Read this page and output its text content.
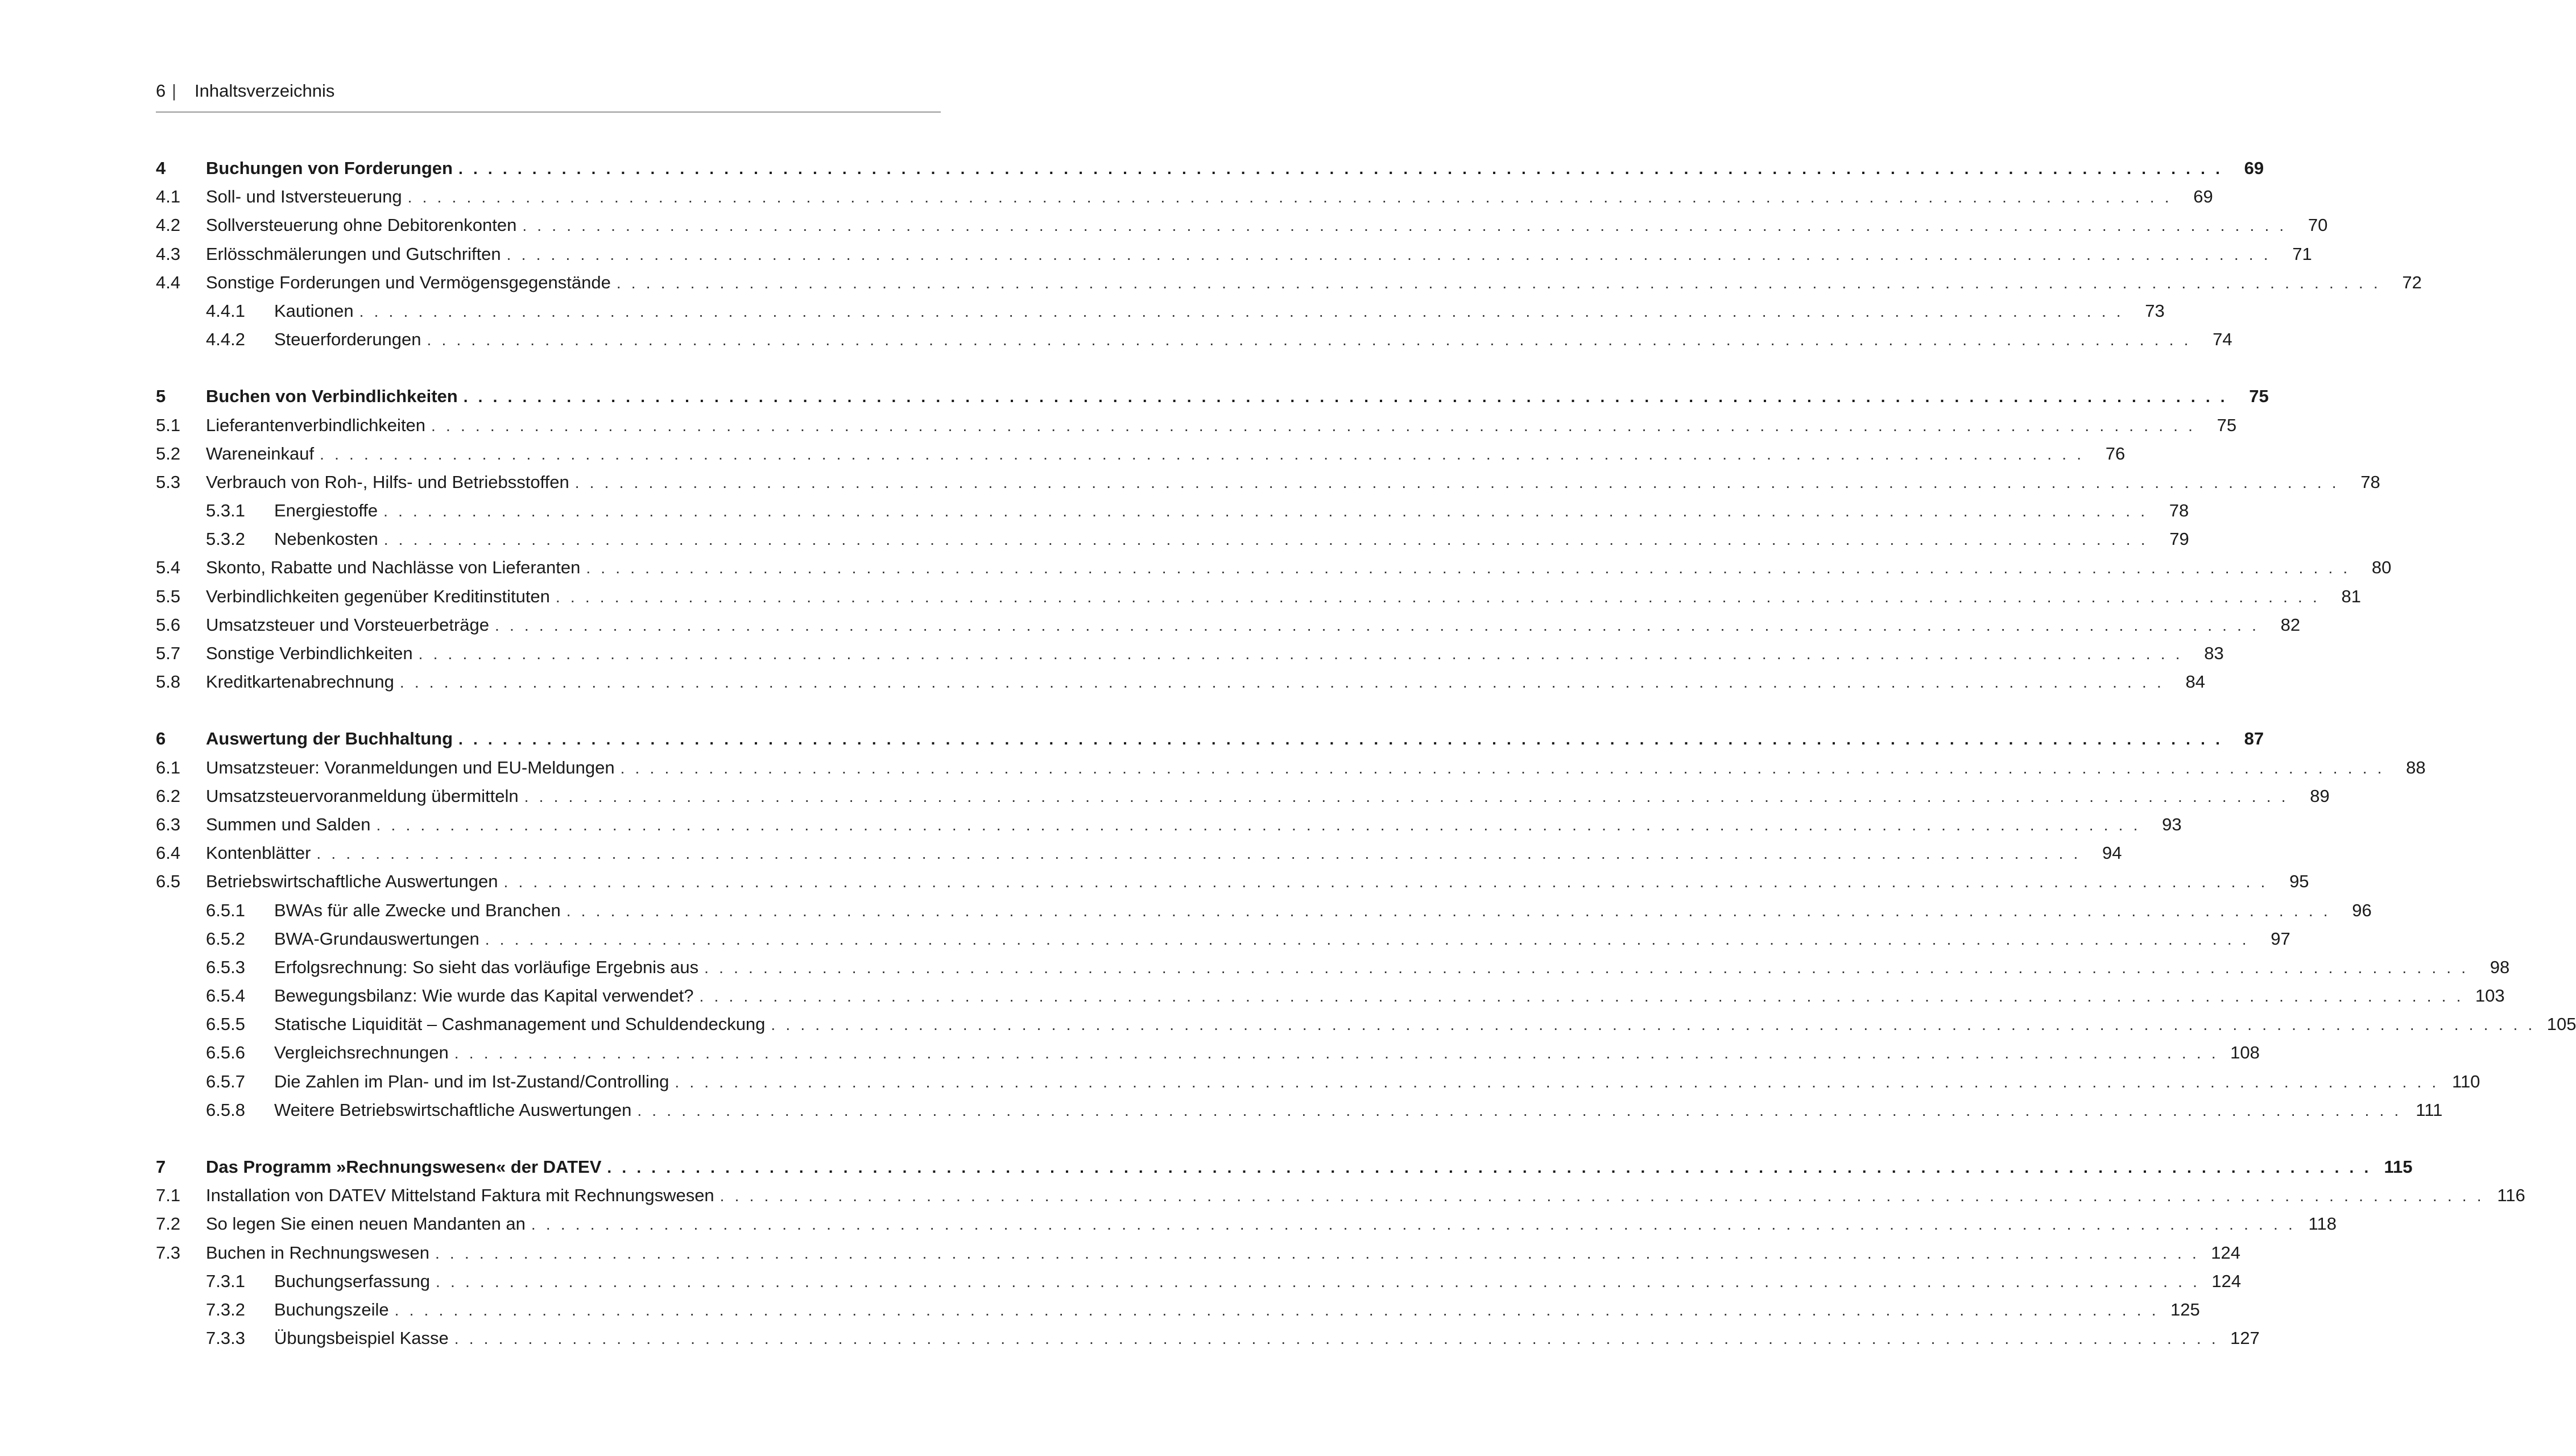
6 |	Inhaltsverzeichnis
4	Buchungen von Forderungen . . . . . . . . . . . . . . . . . . . . . . . . . . . . . . . . . . . . . . . . . . . . . . . . . . . . . . . . . . . . . . . . . . . . . . . . . . . . . . . . . . . . . . . . . . . . . . . . . . . . . . . . . . . . . . . . . . . . . . . .	69
4.1	Soll- und Istversteuerung . . . . . . . . . . . . . . . . . . . . . . . . . . . . . . . . . . . . . . . . . . . . . . . . . . . . . . . . . . . . . . . . . . . . . . . . . . . . . . . . . . . . . . . . . . . . . . . . . . . . . . . . . . . . . . . . . . . . . . . .	69
4.2	Sollversteuerung ohne Debitorenkonten . . . . . . . . . . . . . . . . . . . . . . . . . . . . . . . . . . . . . . . . . . . . . . . . . . . . . . . . . . . . . . . . . . . . . . . . . . . . . . . . . . . . . . . . . . . . . . . . . . . . . . . . . . . . . . . . . . . . . . . .	70
4.3	Erlösschmälerungen und Gutschriften . . . . . . . . . . . . . . . . . . . . . . . . . . . . . . . . . . . . . . . . . . . . . . . . . . . . . . . . . . . . . . . . . . . . . . . . . . . . . . . . . . . . . . . . . . . . . . . . . . . . . . . . . . . . . . . . . . . . . . . .	71
4.4	Sonstige Forderungen und Vermögensgegenstände . . . . . . . . . . . . . . . . . . . . . . . . . . . . . . . . . . . . . . . . . . . . . . . . . . . . . . . . . . . . . . . . . . . . . . . . . . . . . . . . . . . . . . . . . . . . . . . . . . . . . . . . . . . . . . . . . . . . . . . .	72
4.4.1	Kautionen . . . . . . . . . . . . . . . . . . . . . . . . . . . . . . . . . . . . . . . . . . . . . . . . . . . . . . . . . . . . . . . . . . . . . . . . . . . . . . . . . . . . . . . . . . . . . . . . . . . . . . . . . . . . . . . . . . . . . . . .	73
4.4.2	Steuerforderungen . . . . . . . . . . . . . . . . . . . . . . . . . . . . . . . . . . . . . . . . . . . . . . . . . . . . . . . . . . . . . . . . . . . . . . . . . . . . . . . . . . . . . . . . . . . . . . . . . . . . . . . . . . . . . . . . . . . . . . . .	74
5	Buchen von Verbindlichkeiten . . . . . . . . . . . . . . . . . . . . . . . . . . . . . . . . . . . . . . . . . . . . . . . . . . . . . . . . . . . . . . . . . . . . . . . . . . . . . . . . . . . . . . . . . . . . . . . . . . . . . . . . . . . . . . . . . . . . . . . .	75
5.1	Lieferantenverbindlichkeiten . . . . . . . . . . . . . . . . . . . . . . . . . . . . . . . . . . . . . . . . . . . . . . . . . . . . . . . . . . . . . . . . . . . . . . . . . . . . . . . . . . . . . . . . . . . . . . . . . . . . . . . . . . . . . . . . . . . . . . . .	75
5.2	Wareneinkauf . . . . . . . . . . . . . . . . . . . . . . . . . . . . . . . . . . . . . . . . . . . . . . . . . . . . . . . . . . . . . . . . . . . . . . . . . . . . . . . . . . . . . . . . . . . . . . . . . . . . . . . . . . . . . . . . . . . . . . . .	76
5.3	Verbrauch von Roh-, Hilfs- und Betriebsstoffen . . . . . . . . . . . . . . . . . . . . . . . . . . . . . . . . . . . . . . . . . . . . . . . . . . . . . . . . . . . . . . . . . . . . . . . . . . . . . . . . . . . . . . . . . . . . . . . . . . . . . . . . . . . . . . . . . . . . . . . .	78
5.3.1	Energiestoffe . . . . . . . . . . . . . . . . . . . . . . . . . . . . . . . . . . . . . . . . . . . . . . . . . . . . . . . . . . . . . . . . . . . . . . . . . . . . . . . . . . . . . . . . . . . . . . . . . . . . . . . . . . . . . . . . . . . . . . . .	78
5.3.2	Nebenkosten . . . . . . . . . . . . . . . . . . . . . . . . . . . . . . . . . . . . . . . . . . . . . . . . . . . . . . . . . . . . . . . . . . . . . . . . . . . . . . . . . . . . . . . . . . . . . . . . . . . . . . . . . . . . . . . . . . . . . . . .	79
5.4	Skonto, Rabatte und Nachlässe von Lieferanten . . . . . . . . . . . . . . . . . . . . . . . . . . . . . . . . . . . . . . . . . . . . . . . . . . . . . . . . . . . . . . . . . . . . . . . . . . . . . . . . . . . . . . . . . . . . . . . . . . . . . . . . . . . . . . . . . . . . . . . .	80
5.5	Verbindlichkeiten gegenüber Kreditinstituten . . . . . . . . . . . . . . . . . . . . . . . . . . . . . . . . . . . . . . . . . . . . . . . . . . . . . . . . . . . . . . . . . . . . . . . . . . . . . . . . . . . . . . . . . . . . . . . . . . . . . . . . . . . . . . . . . . . . . . . .	81
5.6	Umsatzsteuer und Vorsteuerbeträge . . . . . . . . . . . . . . . . . . . . . . . . . . . . . . . . . . . . . . . . . . . . . . . . . . . . . . . . . . . . . . . . . . . . . . . . . . . . . . . . . . . . . . . . . . . . . . . . . . . . . . . . . . . . . . . . . . . . . . . .	82
5.7	Sonstige Verbindlichkeiten . . . . . . . . . . . . . . . . . . . . . . . . . . . . . . . . . . . . . . . . . . . . . . . . . . . . . . . . . . . . . . . . . . . . . . . . . . . . . . . . . . . . . . . . . . . . . . . . . . . . . . . . . . . . . . . . . . . . . . . .	83
5.8	Kreditkartenabrechnung . . . . . . . . . . . . . . . . . . . . . . . . . . . . . . . . . . . . . . . . . . . . . . . . . . . . . . . . . . . . . . . . . . . . . . . . . . . . . . . . . . . . . . . . . . . . . . . . . . . . . . . . . . . . . . . . . . . . . . . .	84
6	Auswertung der Buchhaltung . . . . . . . . . . . . . . . . . . . . . . . . . . . . . . . . . . . . . . . . . . . . . . . . . . . . . . . . . . . . . . . . . . . . . . . . . . . . . . . . . . . . . . . . . . . . . . . . . . . . . . . . . . . . . . . . . . . . . . . .	87
6.1	Umsatzsteuer: Voranmeldungen und EU-Meldungen . . . . . . . . . . . . . . . . . . . . . . . . . . . . . . . . . . . . . . . . . . . . . . . . . . . . . . . . . . . . . . . . . . . . . . . . . . . . . . . . . . . . . . . . . . . . . . . . . . . . . . . . . . . . . . . . . . . . . . . .	88
6.2	Umsatzsteuervoranmeldung übermitteln . . . . . . . . . . . . . . . . . . . . . . . . . . . . . . . . . . . . . . . . . . . . . . . . . . . . . . . . . . . . . . . . . . . . . . . . . . . . . . . . . . . . . . . . . . . . . . . . . . . . . . . . . . . . . . . . . . . . . . . .	89
6.3	Summen und Salden . . . . . . . . . . . . . . . . . . . . . . . . . . . . . . . . . . . . . . . . . . . . . . . . . . . . . . . . . . . . . . . . . . . . . . . . . . . . . . . . . . . . . . . . . . . . . . . . . . . . . . . . . . . . . . . . . . . . . . . .	93
6.4	Kontenblätter . . . . . . . . . . . . . . . . . . . . . . . . . . . . . . . . . . . . . . . . . . . . . . . . . . . . . . . . . . . . . . . . . . . . . . . . . . . . . . . . . . . . . . . . . . . . . . . . . . . . . . . . . . . . . . . . . . . . . . . .	94
6.5	Betriebswirtschaftliche Auswertungen . . . . . . . . . . . . . . . . . . . . . . . . . . . . . . . . . . . . . . . . . . . . . . . . . . . . . . . . . . . . . . . . . . . . . . . . . . . . . . . . . . . . . . . . . . . . . . . . . . . . . . . . . . . . . . . . . . . . . . . .	95
6.5.1	BWAs für alle Zwecke und Branchen . . . . . . . . . . . . . . . . . . . . . . . . . . . . . . . . . . . . . . . . . . . . . . . . . . . . . . . . . . . . . . . . . . . . . . . . . . . . . . . . . . . . . . . . . . . . . . . . . . . . . . . . . . . . . . . . . . . . . . . .	96
6.5.2	BWA-Grundauswertungen . . . . . . . . . . . . . . . . . . . . . . . . . . . . . . . . . . . . . . . . . . . . . . . . . . . . . . . . . . . . . . . . . . . . . . . . . . . . . . . . . . . . . . . . . . . . . . . . . . . . . . . . . . . . . . . . . . . . . . . .	97
6.5.3	Erfolgsrechnung: So sieht das vorläufige Ergebnis aus . . . . . . . . . . . . . . . . . . . . . . . . . . . . . . . . . . . . . . . . . . . . . . . . . . . . . . . . . . . . . . . . . . . . . . . . . . . . . . . . . . . . . . . . . . . . . . . . . . . . . . . . . . . . . . . . . . . . . . . .	98
6.5.4	Bewegungsbilanz: Wie wurde das Kapital verwendet? . . . . . . . . . . . . . . . . . . . . . . . . . . . . . . . . . . . . . . . . . . . . . . . . . . . . . . . . . . . . . . . . . . . . . . . . . . . . . . . . . . . . . . . . . . . . . . . . . . . . . . . . . . . . . . . . . . . . . . . . 103
6.5.5	Statische Liquidität – Cashmanagement und Schuldendeckung . . . . . . . . . . . . . . . . . . . . . . . . . . . . . . . . . . . . . . . . . . . . . . . . . . . . . . . . . . . . . . . . . . . . . . . . . . . . . . . . . . . . . . . . . . . . . . . . . . . . . . . . . . . . . . . . . . . . . . . . 105
6.5.6	Vergleichsrechnungen . . . . . . . . . . . . . . . . . . . . . . . . . . . . . . . . . . . . . . . . . . . . . . . . . . . . . . . . . . . . . . . . . . . . . . . . . . . . . . . . . . . . . . . . . . . . . . . . . . . . . . . . . . . . . . . . . . . . . . . . 108
6.5.7	Die Zahlen im Plan- und im Ist-Zustand/Controlling . . . . . . . . . . . . . . . . . . . . . . . . . . . . . . . . . . . . . . . . . . . . . . . . . . . . . . . . . . . . . . . . . . . . . . . . . . . . . . . . . . . . . . . . . . . . . . . . . . . . . . . . . . . . . . . . . . . . . . . . 110
6.5.8	Weitere Betriebswirtschaftliche Auswertungen . . . . . . . . . . . . . . . . . . . . . . . . . . . . . . . . . . . . . . . . . . . . . . . . . . . . . . . . . . . . . . . . . . . . . . . . . . . . . . . . . . . . . . . . . . . . . . . . . . . . . . . . . . . . . . . . . . . . . . . . 111
7	Das Programm »Rechnungswesen« der DATEV . . . . . . . . . . . . . . . . . . . . . . . . . . . . . . . . . . . . . . . . . . . . . . . . . . . . . . . . . . . . . . . . . . . . . . . . . . . . . . . . . . . . . . . . . . . . . . . . . . . . . . . . . . . . . . . . . . . . . . . . 115
7.1	Installation von DATEV Mittelstand Faktura mit Rechnungswesen . . . . . . . . . . . . . . . . . . . . . . . . . . . . . . . . . . . . . . . . . . . . . . . . . . . . . . . . . . . . . . . . . . . . . . . . . . . . . . . . . . . . . . . . . . . . . . . . . . . . . . . . . . . . . . . . . . . . . . . . 116
7.2	So legen Sie einen neuen Mandanten an . . . . . . . . . . . . . . . . . . . . . . . . . . . . . . . . . . . . . . . . . . . . . . . . . . . . . . . . . . . . . . . . . . . . . . . . . . . . . . . . . . . . . . . . . . . . . . . . . . . . . . . . . . . . . . . . . . . . . . . . 118
7.3	Buchen in Rechnungswesen . . . . . . . . . . . . . . . . . . . . . . . . . . . . . . . . . . . . . . . . . . . . . . . . . . . . . . . . . . . . . . . . . . . . . . . . . . . . . . . . . . . . . . . . . . . . . . . . . . . . . . . . . . . . . . . . . . . . . . . . 124
7.3.1	Buchungserfassung . . . . . . . . . . . . . . . . . . . . . . . . . . . . . . . . . . . . . . . . . . . . . . . . . . . . . . . . . . . . . . . . . . . . . . . . . . . . . . . . . . . . . . . . . . . . . . . . . . . . . . . . . . . . . . . . . . . . . . . . 124
7.3.2	Buchungszeile . . . . . . . . . . . . . . . . . . . . . . . . . . . . . . . . . . . . . . . . . . . . . . . . . . . . . . . . . . . . . . . . . . . . . . . . . . . . . . . . . . . . . . . . . . . . . . . . . . . . . . . . . . . . . . . . . . . . . . . . 125
7.3.3	Übungsbeispiel Kasse . . . . . . . . . . . . . . . . . . . . . . . . . . . . . . . . . . . . . . . . . . . . . . . . . . . . . . . . . . . . . . . . . . . . . . . . . . . . . . . . . . . . . . . . . . . . . . . . . . . . . . . . . . . . . . . . . . . . . . . . 127
